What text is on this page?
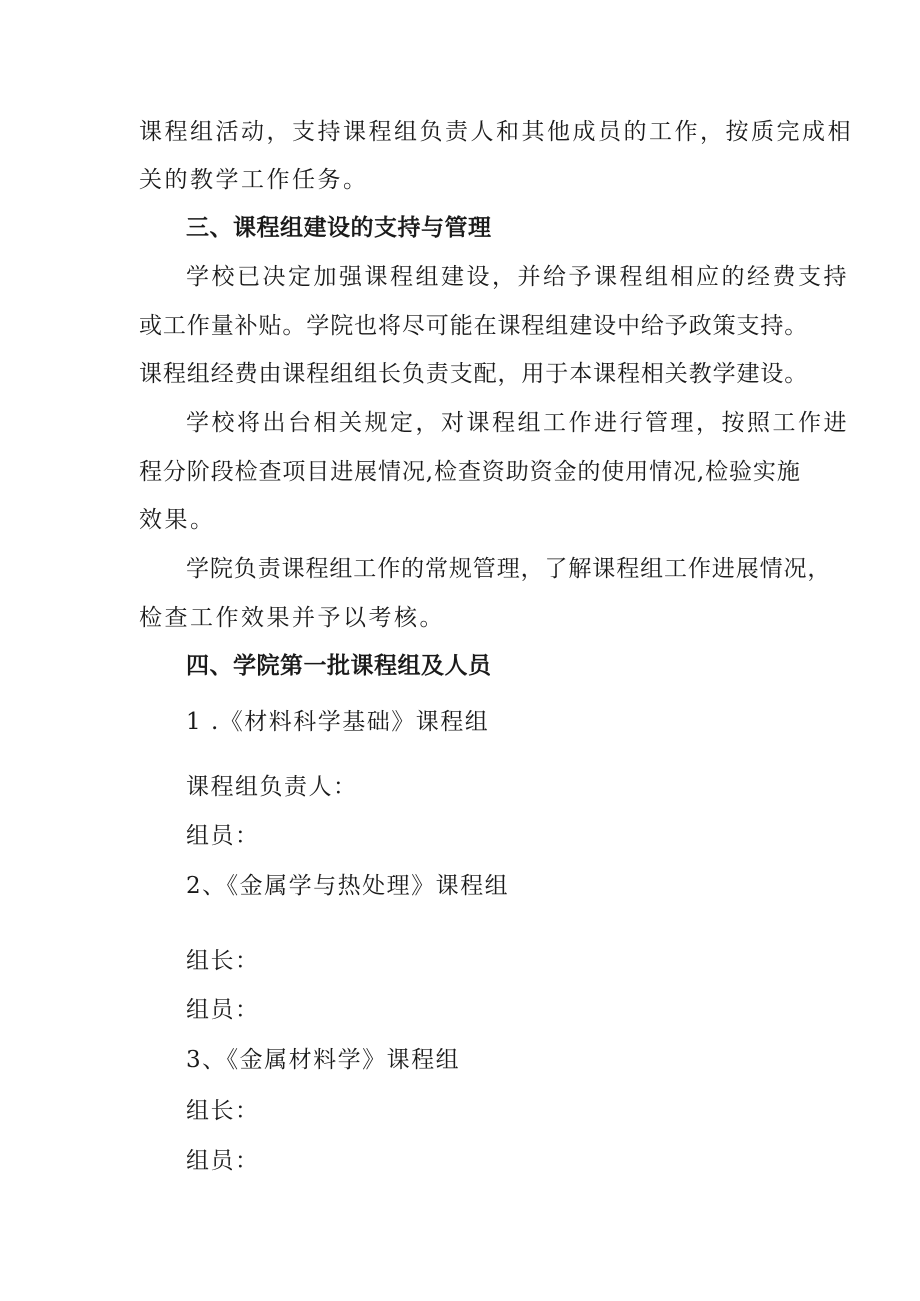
课程组活动，支持课程组负责人和其他成员的工作，按质完成相
关的教学工作任务。
三、课程组建设的支持与管理
学校已决定加强课程组建设，并给予课程组相应的经费支持
或工作量补贴。学院也将尽可能在课程组建设中给予政策支持。
课程组经费由课程组组长负责支配，用于本课程相关教学建设。
学校将出台相关规定，对课程组工作进行管理，按照工作进
程分阶段检查项目进展情况,检查资助资金的使用情况,检验实施
效果。
学院负责课程组工作的常规管理，了解课程组工作进展情况，
检查工作效果并予以考核。
四、学院第一批课程组及人员
1 .《材料科学基础》课程组
课程组负责人：
组员：
2、《金属学与热处理》课程组
组长：
组员：
3、《金属材料学》课程组
组长：
组员：
